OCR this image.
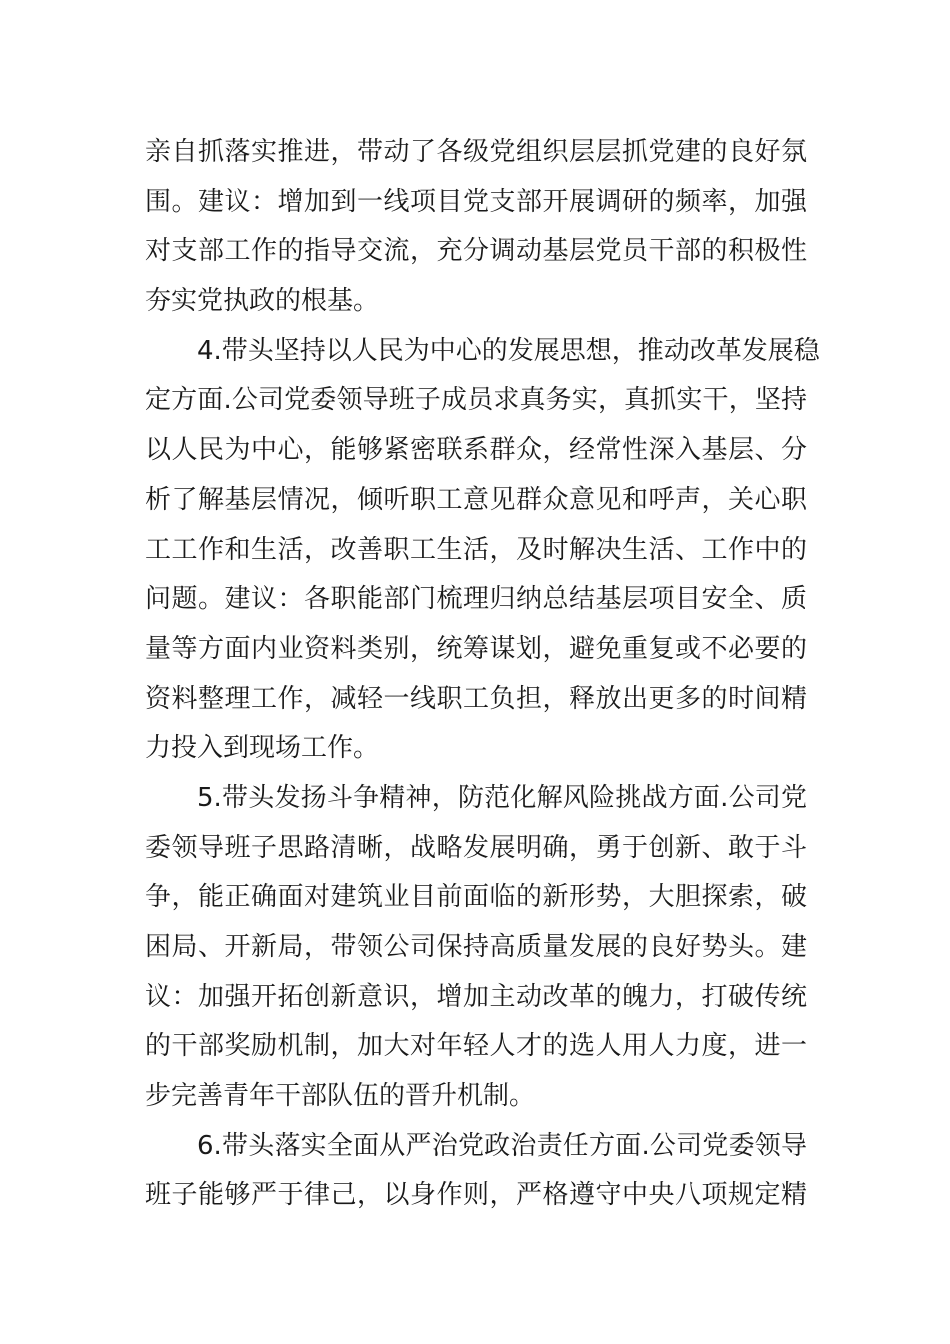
亲自抓落实推进，带动了各级党组织层层抓党建的良好氛
围。建议：增加到一线项目党支部开展调研的频率，加强
对支部工作的指导交流，充分调动基层党员干部的积极性
夯实党执政的根基。
4.带头坚持以人民为中心的发展思想，推动改革发展稳
定方面.公司党委领导班子成员求真务实，真抓实干，坚持
以人民为中心，能够紧密联系群众，经常性深入基层、分
析了解基层情况，倾听职工意见群众意见和呼声，关心职
工工作和生活，改善职工生活，及时解决生活、工作中的
问题。建议：各职能部门梳理归纳总结基层项目安全、质
量等方面内业资料类别，统筹谋划，避免重复或不必要的
资料整理工作，减轻一线职工负担，释放出更多的时间精
力投入到现场工作。
5.带头发扬斗争精神，防范化解风险挑战方面.公司党
委领导班子思路清晰，战略发展明确，勇于创新、敢于斗
争，能正确面对建筑业目前面临的新形势，大胆探索，破
困局、开新局，带领公司保持高质量发展的良好势头。建
议：加强开拓创新意识，增加主动改革的魄力，打破传统
的干部奖励机制，加大对年轻人才的选人用人力度，进一
步完善青年干部队伍的晋升机制。
6.带头落实全面从严治党政治责任方面.公司党委领导
班子能够严于律己，以身作则，严格遵守中央八项规定精
